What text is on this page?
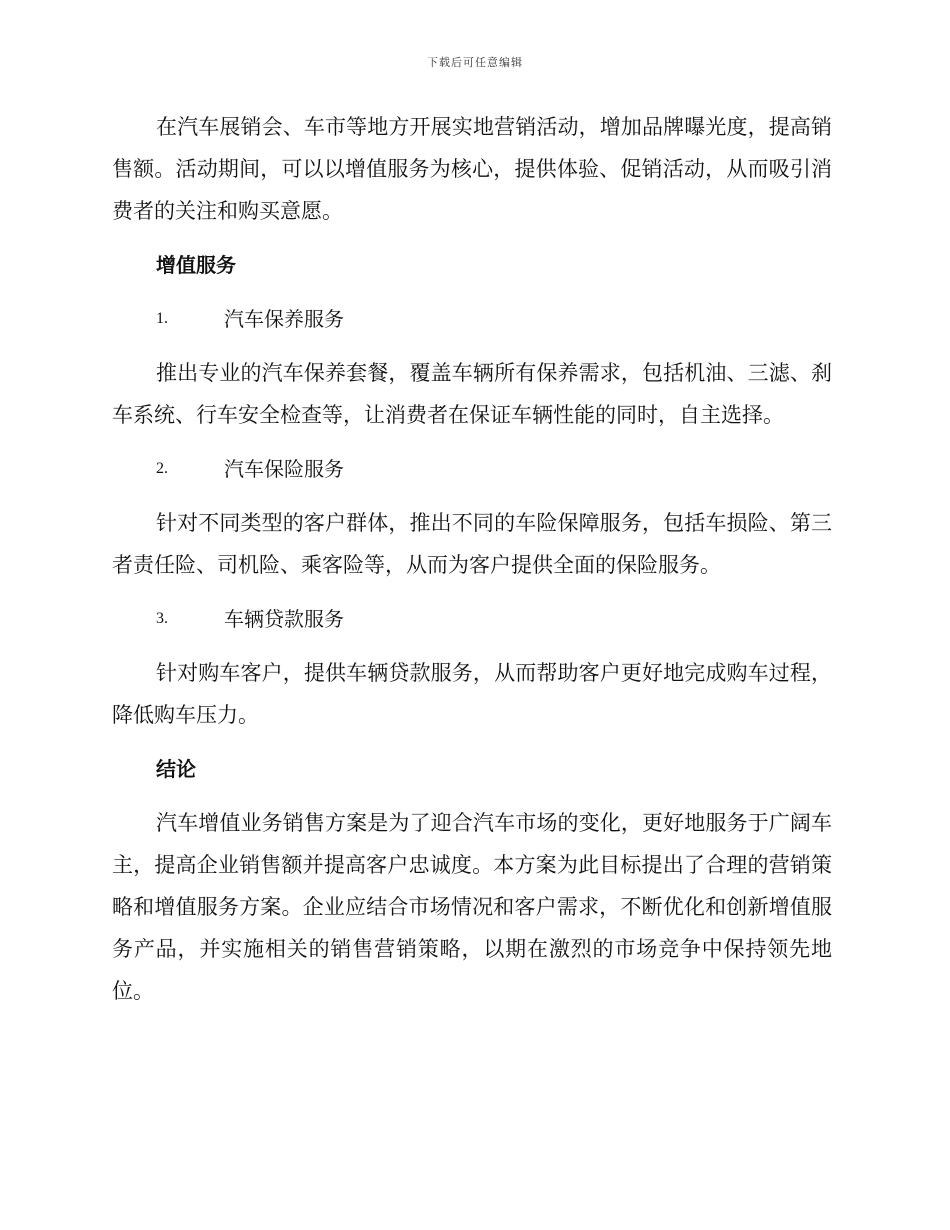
下载后可任意编辑

在汽车展销会、车市等地方开展实地营销活动，增加品牌曝光度，提高销售额。活动期间，可以以增值服务为核心，提供体验、促销活动，从而吸引消费者的关注和购买意愿。

增值服务
1.	汽车保养服务

推出专业的汽车保养套餐，覆盖车辆所有保养需求，包括机油、三滤、刹车系统、行车安全检查等，让消费者在保证车辆性能的同时，自主选择。

2.	汽车保险服务

针对不同类型的客户群体，推出不同的车险保障服务，包括车损险、第三者责任险、司机险、乘客险等，从而为客户提供全面的保险服务。

3.	车辆贷款服务

针对购车客户，提供车辆贷款服务，从而帮助客户更好地完成购车过程，降低购车压力。

结论

汽车增值业务销售方案是为了迎合汽车市场的变化，更好地服务于广阔车主，提高企业销售额并提高客户忠诚度。本方案为此目标提出了合理的营销策略和增值服务方案。企业应结合市场情况和客户需求，不断优化和创新增值服务产品，并实施相关的销售营销策略，以期在激烈的市场竞争中保持领先地位。
